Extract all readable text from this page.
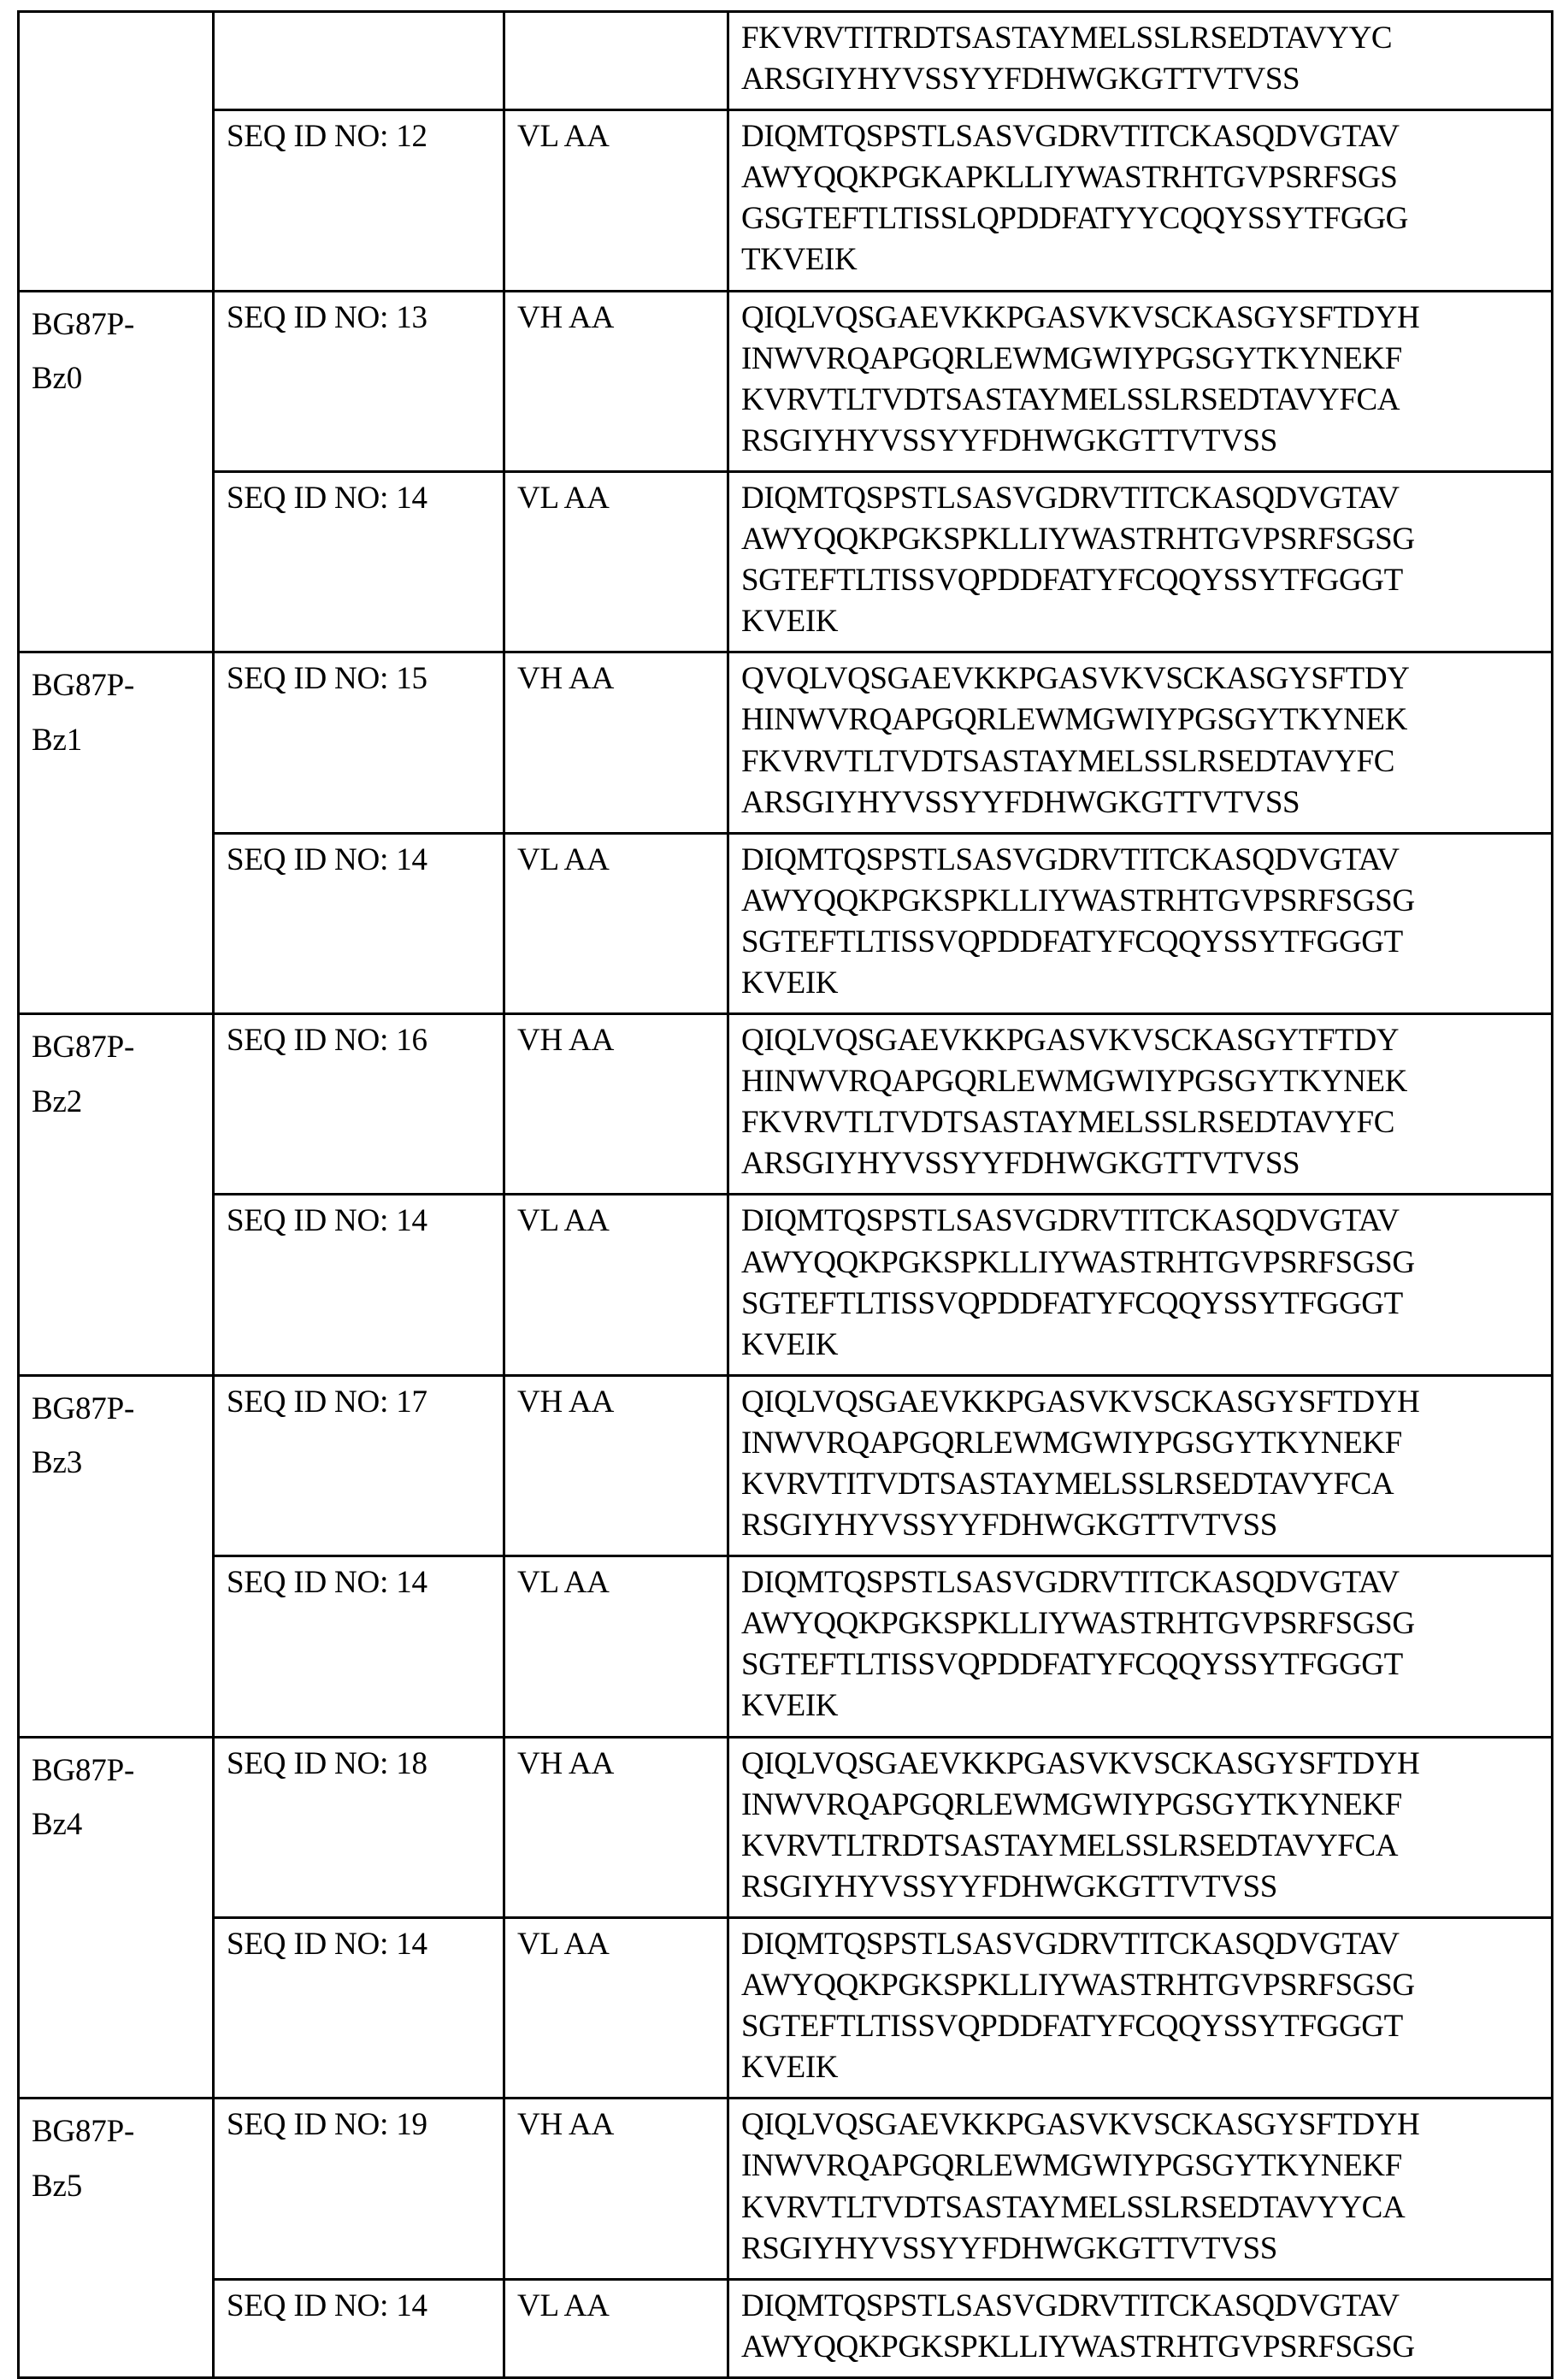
			FKVRVTITRDTSASTAYMELSSLRSEDTAVYYC
ARSGIYHYVSSYYFDHWGKGTTVTVSS

	SEQ ID NO: 12	VL AA	DIQMTQSPSTLSASVGDRVTITCKASQDVGTAV
AWYQQKPGKAPKLLIYWASTRHTGVPSRFSGS
GSGTEFTLTISSLQPDDFATYYCQQYSSYTFGGG
TKVEIK

BG87P-
Bz0	SEQ ID NO: 13	VH AA	QIQLVQSGAEVKKPGASVKVSCKASGYSFTDYH
INWVRQAPGQRLEWMGWIYPGSGYTKYNEKF
KVRVTLTVDTSASTAYMELSSLRSEDTAVYFCA
RSGIYHYVSSYYFDHWGKGTTVTVSS

	SEQ ID NO: 14	VL AA	DIQMTQSPSTLSASVGDRVTITCKASQDVGTAV
AWYQQKPGKSPKLLIYWASTRHTGVPSRFSGSG
SGTEFTLTISSVQPDDFATYFCQQYSSYTFGGGT
KVEIK

BG87P-
Bz1	SEQ ID NO: 15	VH AA	QVQLVQSGAEVKKPGASVKVSCKASGYSFTDY
HINWVRQAPGQRLEWMGWIYPGSGYTKYNEK
FKVRVTLTVDTSASTAYMELSSLRSEDTAVYFC
ARSGIYHYVSSYYFDHWGKGTTVTVSS

	SEQ ID NO: 14	VL AA	DIQMTQSPSTLSASVGDRVTITCKASQDVGTAV
AWYQQKPGKSPKLLIYWASTRHTGVPSRFSGSG
SGTEFTLTISSVQPDDFATYFCQQYSSYTFGGGT
KVEIK

BG87P-
Bz2	SEQ ID NO: 16	VH AA	QIQLVQSGAEVKKPGASVKVSCKASGYTFTDY
HINWVRQAPGQRLEWMGWIYPGSGYTKYNEK
FKVRVTLTVDTSASTAYMELSSLRSEDTAVYFC
ARSGIYHYVSSYYFDHWGKGTTVTVSS

	SEQ ID NO: 14	VL AA	DIQMTQSPSTLSASVGDRVTITCKASQDVGTAV
AWYQQKPGKSPKLLIYWASTRHTGVPSRFSGSG
SGTEFTLTISSVQPDDFATYFCQQYSSYTFGGGT
KVEIK

BG87P-
Bz3	SEQ ID NO: 17	VH AA	QIQLVQSGAEVKKPGASVKVSCKASGYSFTDYH
INWVRQAPGQRLEWMGWIYPGSGYTKYNEKF
KVRVTITVDTSASTAYMELSSLRSEDTAVYFCA
RSGIYHYVSSYYFDHWGKGTTVTVSS

	SEQ ID NO: 14	VL AA	DIQMTQSPSTLSASVGDRVTITCKASQDVGTAV
AWYQQKPGKSPKLLIYWASTRHTGVPSRFSGSG
SGTEFTLTISSVQPDDFATYFCQQYSSYTFGGGT
KVEIK

BG87P-
Bz4	SEQ ID NO: 18	VH AA	QIQLVQSGAEVKKPGASVKVSCKASGYSFTDYH
INWVRQAPGQRLEWMGWIYPGSGYTKYNEKF
KVRVTLTRDTSASTAYMELSSLRSEDTAVYFCA
RSGIYHYVSSYYFDHWGKGTTVTVSS

	SEQ ID NO: 14	VL AA	DIQMTQSPSTLSASVGDRVTITCKASQDVGTAV
AWYQQKPGKSPKLLIYWASTRHTGVPSRFSGSG
SGTEFTLTISSVQPDDFATYFCQQYSSYTFGGGT
KVEIK

BG87P-
Bz5	SEQ ID NO: 19	VH AA	QIQLVQSGAEVKKPGASVKVSCKASGYSFTDYH
INWVRQAPGQRLEWMGWIYPGSGYTKYNEKF
KVRVTLTVDTSASTAYMELSSLRSEDTAVYYCA
RSGIYHYVSSYYFDHWGKGTTVTVSS

	SEQ ID NO: 14	VL AA	DIQMTQSPSTLSASVGDRVTITCKASQDVGTAV
AWYQQKPGKSPKLLIYWASTRHTGVPSRFSGSG
